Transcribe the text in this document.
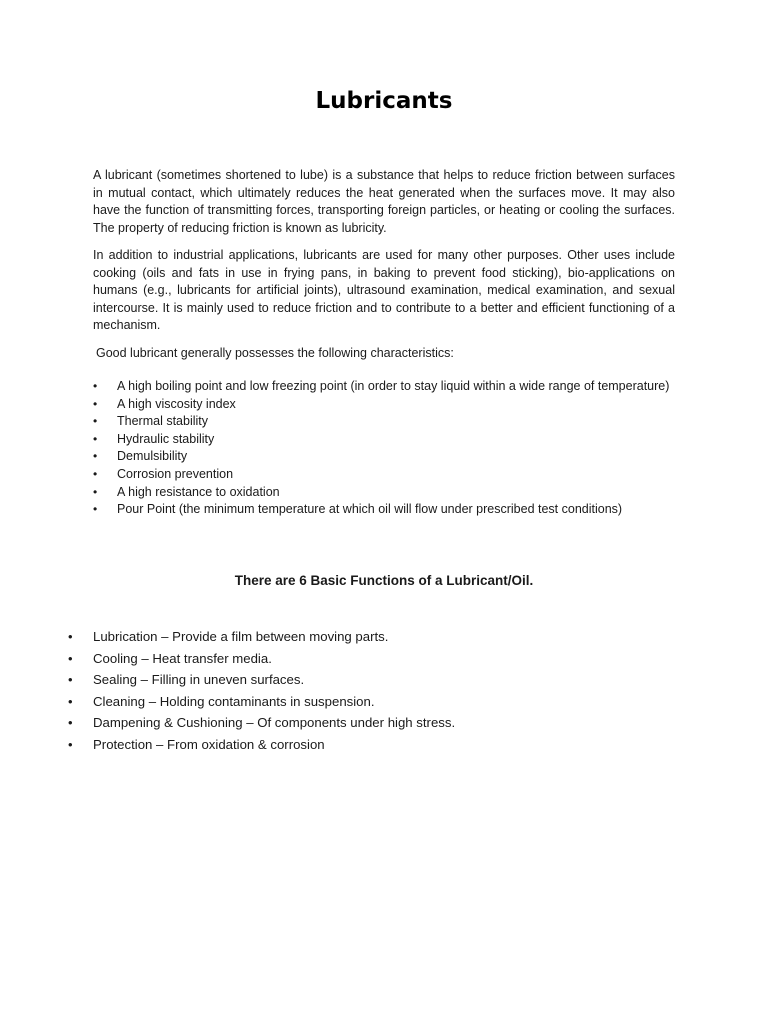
Lubricants

A lubricant (sometimes shortened to lube) is a substance that helps to reduce friction between surfaces in mutual contact, which ultimately reduces the heat generated when the surfaces move. It may also have the function of transmitting forces, transporting foreign particles, or heating or cooling the surfaces. The property of reducing friction is known as lubricity.

In addition to industrial applications, lubricants are used for many other purposes. Other uses include cooking (oils and fats in use in frying pans, in baking to prevent food sticking), bio-applications on humans (e.g., lubricants for artificial joints), ultrasound examination, medical examination, and sexual intercourse. It is mainly used to reduce friction and to contribute to a better and efficient functioning of a mechanism.

Good lubricant generally possesses the following characteristics:

•	A high boiling point and low freezing point (in order to stay liquid within a wide range of temperature)
•	A high viscosity index
•	Thermal stability
•	Hydraulic stability
•	Demulsibility
•	Corrosion prevention
•	A high resistance to oxidation
•	Pour Point (the minimum temperature at which oil will flow under prescribed test conditions)
There are 6 Basic Functions of a Lubricant/Oil.
•	Lubrication – Provide a film between moving parts.
•	Cooling – Heat transfer media.
•	Sealing – Filling in uneven surfaces.
•	Cleaning – Holding contaminants in suspension.
•	Dampening & Cushioning – Of components under high stress.
•	Protection – From oxidation & corrosion
